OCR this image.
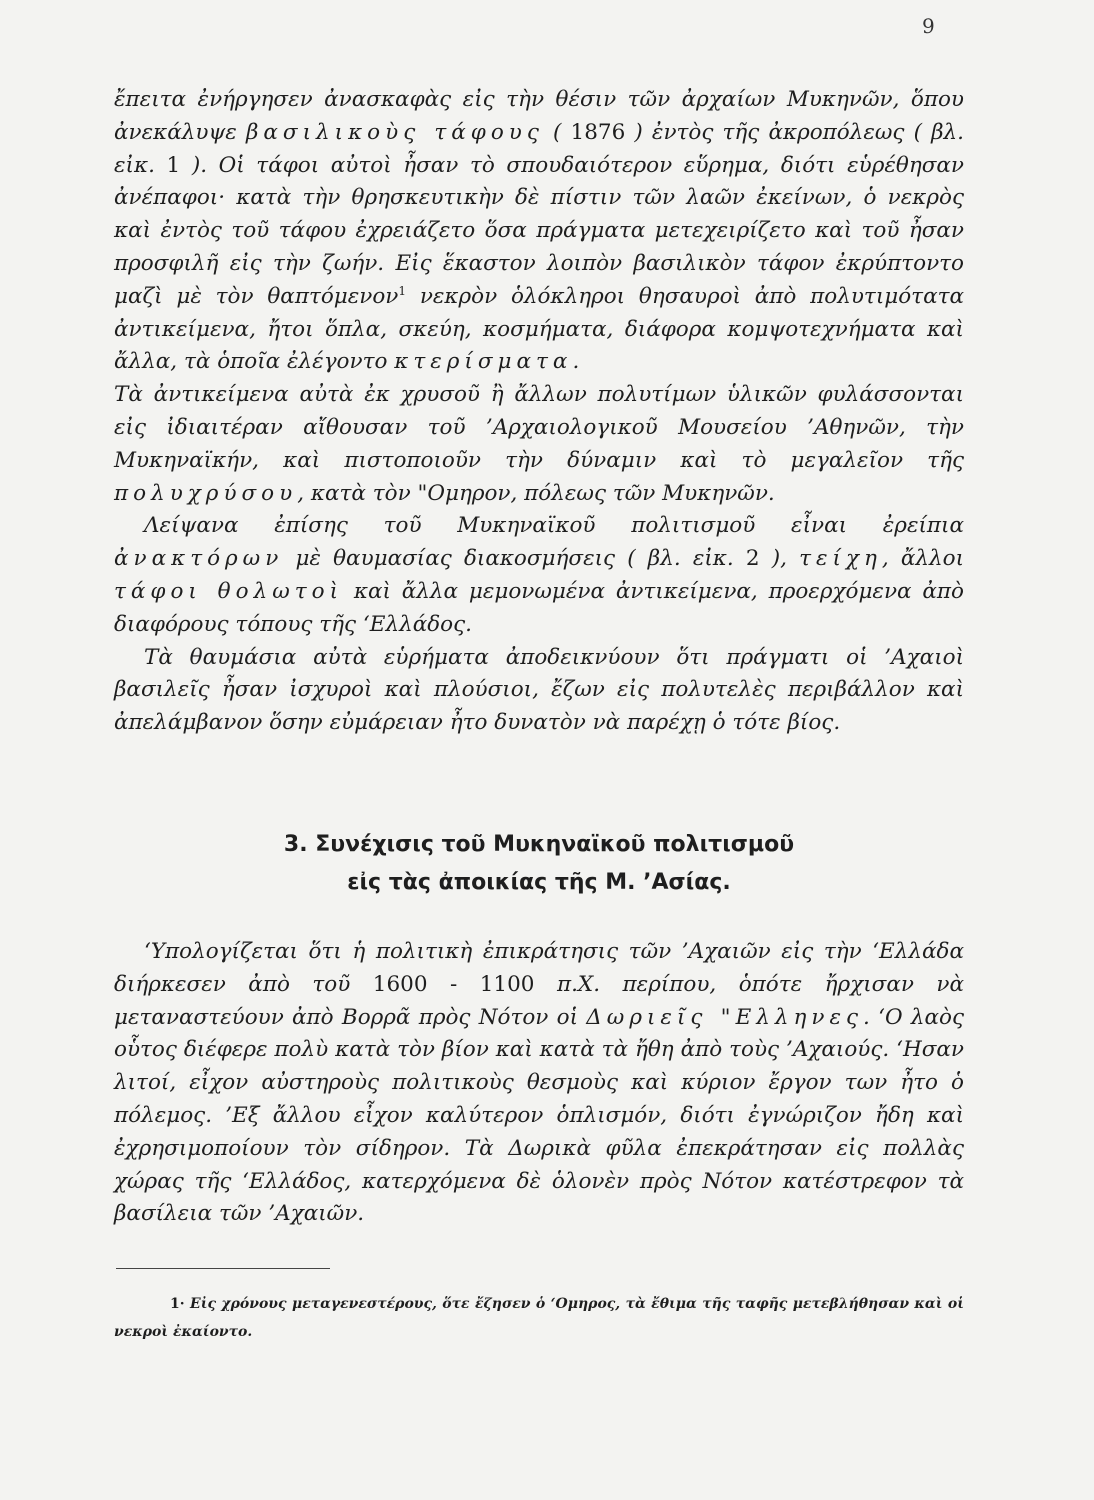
9

ἔπειτα ἐνήργησεν ἀνασκαφὰς εἰς τὴν θέσιν τῶν ἀρχαίων Μυκηνῶν, ὅπου ἀνεκάλυψε βασιλικοὺς τάφους ( 1876 ) ἐντὸς τῆς ἀκροπόλεως ( βλ. εἰκ. 1 ). Οἱ τάφοι αὐτοὶ ἦσαν τὸ σπουδαιότερον εὕρημα, διότι εὑρέθησαν ἀνέπαφοι· κατὰ τὴν θρησκευτικὴν δὲ πίστιν τῶν λαῶν ἐκείνων, ὁ νεκρὸς καὶ ἐντὸς τοῦ τάφου ἐχρειάζετο ὅσα πράγματα μετεχειρίζετο καὶ τοῦ ἦσαν προσφιλῆ εἰς τὴν ζωήν. Εἰς ἕκαστον λοιπὸν βασιλικὸν τάφον ἐκρύπτοντο μαζὶ μὲ τὸν θαπτόμενον$^1$ νεκρὸν ὁλόκληροι θησαυροὶ ἀπὸ πολυτιμότατα ἀντικείμενα, ἤτοι ὅπλα, σκεύη, κοσμήματα, διάφορα κομψοτεχνήματα καὶ ἄλλα, τὰ ὁποῖα ἐλέγοντο κτερίσματα.

Τὰ ἀντικείμενα αὐτὰ ἐκ χρυσοῦ ἢ ἄλλων πολυτίμων ὑλικῶν φυλάσσονται εἰς ἰδιαιτέραν αἴθουσαν τοῦ ’Αρχαιολογικοῦ Μουσείου ’Αθηνῶν, τὴν Μυκηναϊκήν, καὶ πιστοποιοῦν τὴν δύναμιν καὶ τὸ μεγαλεῖον τῆς πολυχρύσου, κατὰ τὸν "Ομηρον, πόλεως τῶν Μυκηνῶν.

Λείψανα ἐπίσης τοῦ Μυκηναϊκοῦ πολιτισμοῦ εἶναι ἐρείπια ἀνακτόρων μὲ θαυμασίας διακοσμήσεις ( βλ. εἰκ. 2 ), τείχη, ἄλλοι τάφοι θολωτοὶ καὶ ἄλλα μεμονωμένα ἀντικείμενα, προερχόμενα ἀπὸ διαφόρους τόπους τῆς ‘Ελλάδος.

Τὰ θαυμάσια αὐτὰ εὑρήματα ἀποδεικνύουν ὅτι πράγματι οἱ ’Αχαιοὶ βασιλεῖς ἦσαν ἰσχυροὶ καὶ πλούσιοι, ἔζων εἰς πολυτελὲς περιβάλλον καὶ ἀπελάμβανον ὅσην εὐμάρειαν ἦτο δυνατὸν νὰ παρέχῃ ὁ τότε βίος.

3. Συνέχισις τοῦ Μυκηναϊκοῦ πολιτισμοῦ
εἰς τὰς ἀποικίας τῆς Μ. ’Ασίας.

‘Υπολογίζεται ὅτι ἡ πολιτικὴ ἐπικράτησις τῶν ’Αχαιῶν εἰς τὴν ‘Ελλάδα διήρκεσεν ἀπὸ τοῦ 1600 - 1100 π.Χ. περίπου, ὁπότε ἤρχισαν νὰ μεταναστεύουν ἀπὸ Βορρᾶ πρὸς Νότον οἱ Δωριεῖς "Ελληνες. ‘Ο λαὸς οὗτος διέφερε πολὺ κατὰ τὸν βίον καὶ κατὰ τὰ ἤθη ἀπὸ τοὺς ’Αχαιούς. ‘Ησαν λιτοί, εἶχον αὐστηροὺς πολιτικοὺς θεσμοὺς καὶ κύριον ἔργον των ἦτο ὁ πόλεμος. ’Εξ ἄλλου εἶχον καλύτερον ὁπλισμόν, διότι ἐγνώριζον ἤδη καὶ ἐχρησιμοποίουν τὸν σίδηρον. Τὰ Δωρικὰ φῦλα ἐπεκράτησαν εἰς πολλὰς χώρας τῆς ‘Ελλάδος, κατερχόμενα δὲ ὁλονὲν πρὸς Νότον κατέστρεφον τὰ βασίλεια τῶν ’Αχαιῶν.

1· Εἰς χρόνους μεταγενεστέρους, ὅτε ἔζησεν ὁ ‘Ομηρος, τὰ ἔθιμα τῆς ταφῆς μετεβλήθησαν καὶ οἱ νεκροὶ ἐκαίοντο.
